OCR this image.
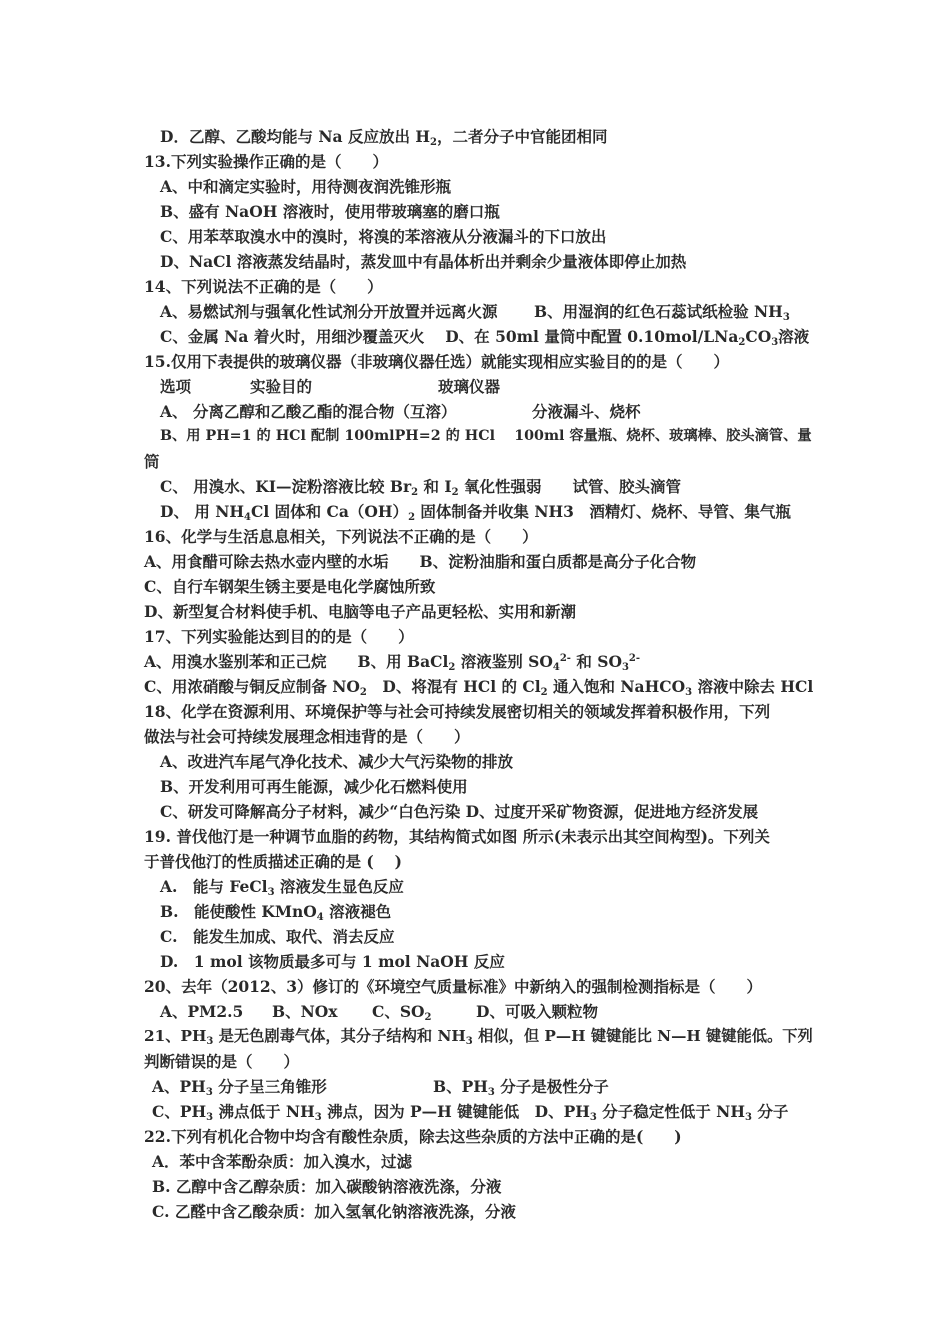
D．乙醇、乙酸均能与 Na 反应放出 $H_2$，二者分子中官能团相同
13.下列实验操作正确的是（　　）
A、中和滴定实验时，用待测夜润洗锥形瓶
B、盛有 NaOH 溶液时，使用带玻璃塞的磨口瓶
C、用苯萃取溴水中的溴时，将溴的苯溶液从分液漏斗的下口放出
D、NaCl 溶液蒸发结晶时，蒸发皿中有晶体析出并剩余少量液体即停止加热
14、下列说法不正确的是（　　）
A、易燃试剂与强氧化性试剂分开放置并远离火源 B、用湿润的红色石蕊试纸检验 $NH_3$
C、金属 Na 着火时，用细沙覆盖灭火　 D、在 50ml 量筒中配置 $0.10mol/LNa_2CO_3$溶液
15.仅用下表提供的玻璃仪器（非玻璃仪器任选）就能实现相应实验目的的是（　　）
选项	实验目的	玻璃仪器
A、 分离乙醇和乙酸乙酯的混合物（互溶）	分液漏斗、烧杯
B、用 PH=1 的 HCl 配制 100mlPH=2 的 HCl　 100ml 容量瓶、烧杯、玻璃棒、胶头滴管、量
筒
C、 用溴水、KI—淀粉溶液比较 $Br_2$ 和 $I_2$ 氧化性强弱　　试管、胶头滴管
D、 用 $NH_4Cl$ 固体和 $Ca(OH)_2$ 固体制备并收集 NH3　酒精灯、烧杯、导管、集气瓶
16、化学与生活息息相关，下列说法不正确的是（　　）
A、用食醋可除去热水壶内壁的水垢　　B、淀粉油脂和蛋白质都是高分子化合物
C、自行车钢架生锈主要是电化学腐蚀所致
D、新型复合材料使手机、电脑等电子产品更轻松、实用和新潮
17、下列实验能达到目的的是（　　）
A、用溴水鉴别苯和正己烷　　B、用 BaCl$_2$ 溶液鉴别 $SO_4^{2-}$ 和 $SO_3^{2-}$
C、用浓硝酸与铜反应制备 $NO_2$　D、将混有 HCl 的 $Cl_2$ 通入饱和 NaHCO$_3$ 溶液中除去 HCl
18、化学在资源利用、环境保护等与社会可持续发展密切相关的领域发挥着积极作用，下列
做法与社会可持续发展理念相违背的是（　　）
A、改进汽车尾气净化技术、减少大气污染物的排放
B、开发利用可再生能源，减少化石燃料使用
C、研发可降解高分子材料，减少“白色污染 D、过度开采矿物资源，促进地方经济发展
19. 普伐他汀是一种调节血脂的药物，其结构简式如图 所示(未表示出其空间构型)。下列关
于普伐他汀的性质描述正确的是 (　 )
A.　能与 FeCl$_3$ 溶液发生显色反应
B.　能使酸性 KMnO$_4$ 溶液褪色
C.　能发生加成、取代、消去反应
D.　1 mol 该物质最多可与 1 mol NaOH 反应
20、去年（2012、3）修订的《环境空气质量标准》中新纳入的强制检测指标是（　　）
A、PM2.5 B、NOx C、$SO_2$	D、可吸入颗粒物
21、$PH_3$ 是无色剧毒气体，其分子结构和 $NH_3$ 相似，但 P—H 键键能比 N—H 键键能低。下列
判断错误的是（　　）
A、$PH_3$ 分子呈三角锥形	B、$PH_3$ 分子是极性分子
C、$PH_3$ 沸点低于 $NH_3$ 沸点，因为 P—H 键键能低　D、$PH_3$ 分子稳定性低于 $NH_3$ 分子
22.下列有机化合物中均含有酸性杂质，除去这些杂质的方法中正确的是(　　)
A．苯中含苯酚杂质：加入溴水，过滤
B. 乙醇中含乙醇杂质：加入碳酸钠溶液洗涤，分液
C. 乙醛中含乙酸杂质：加入氢氧化钠溶液洗涤，分液
